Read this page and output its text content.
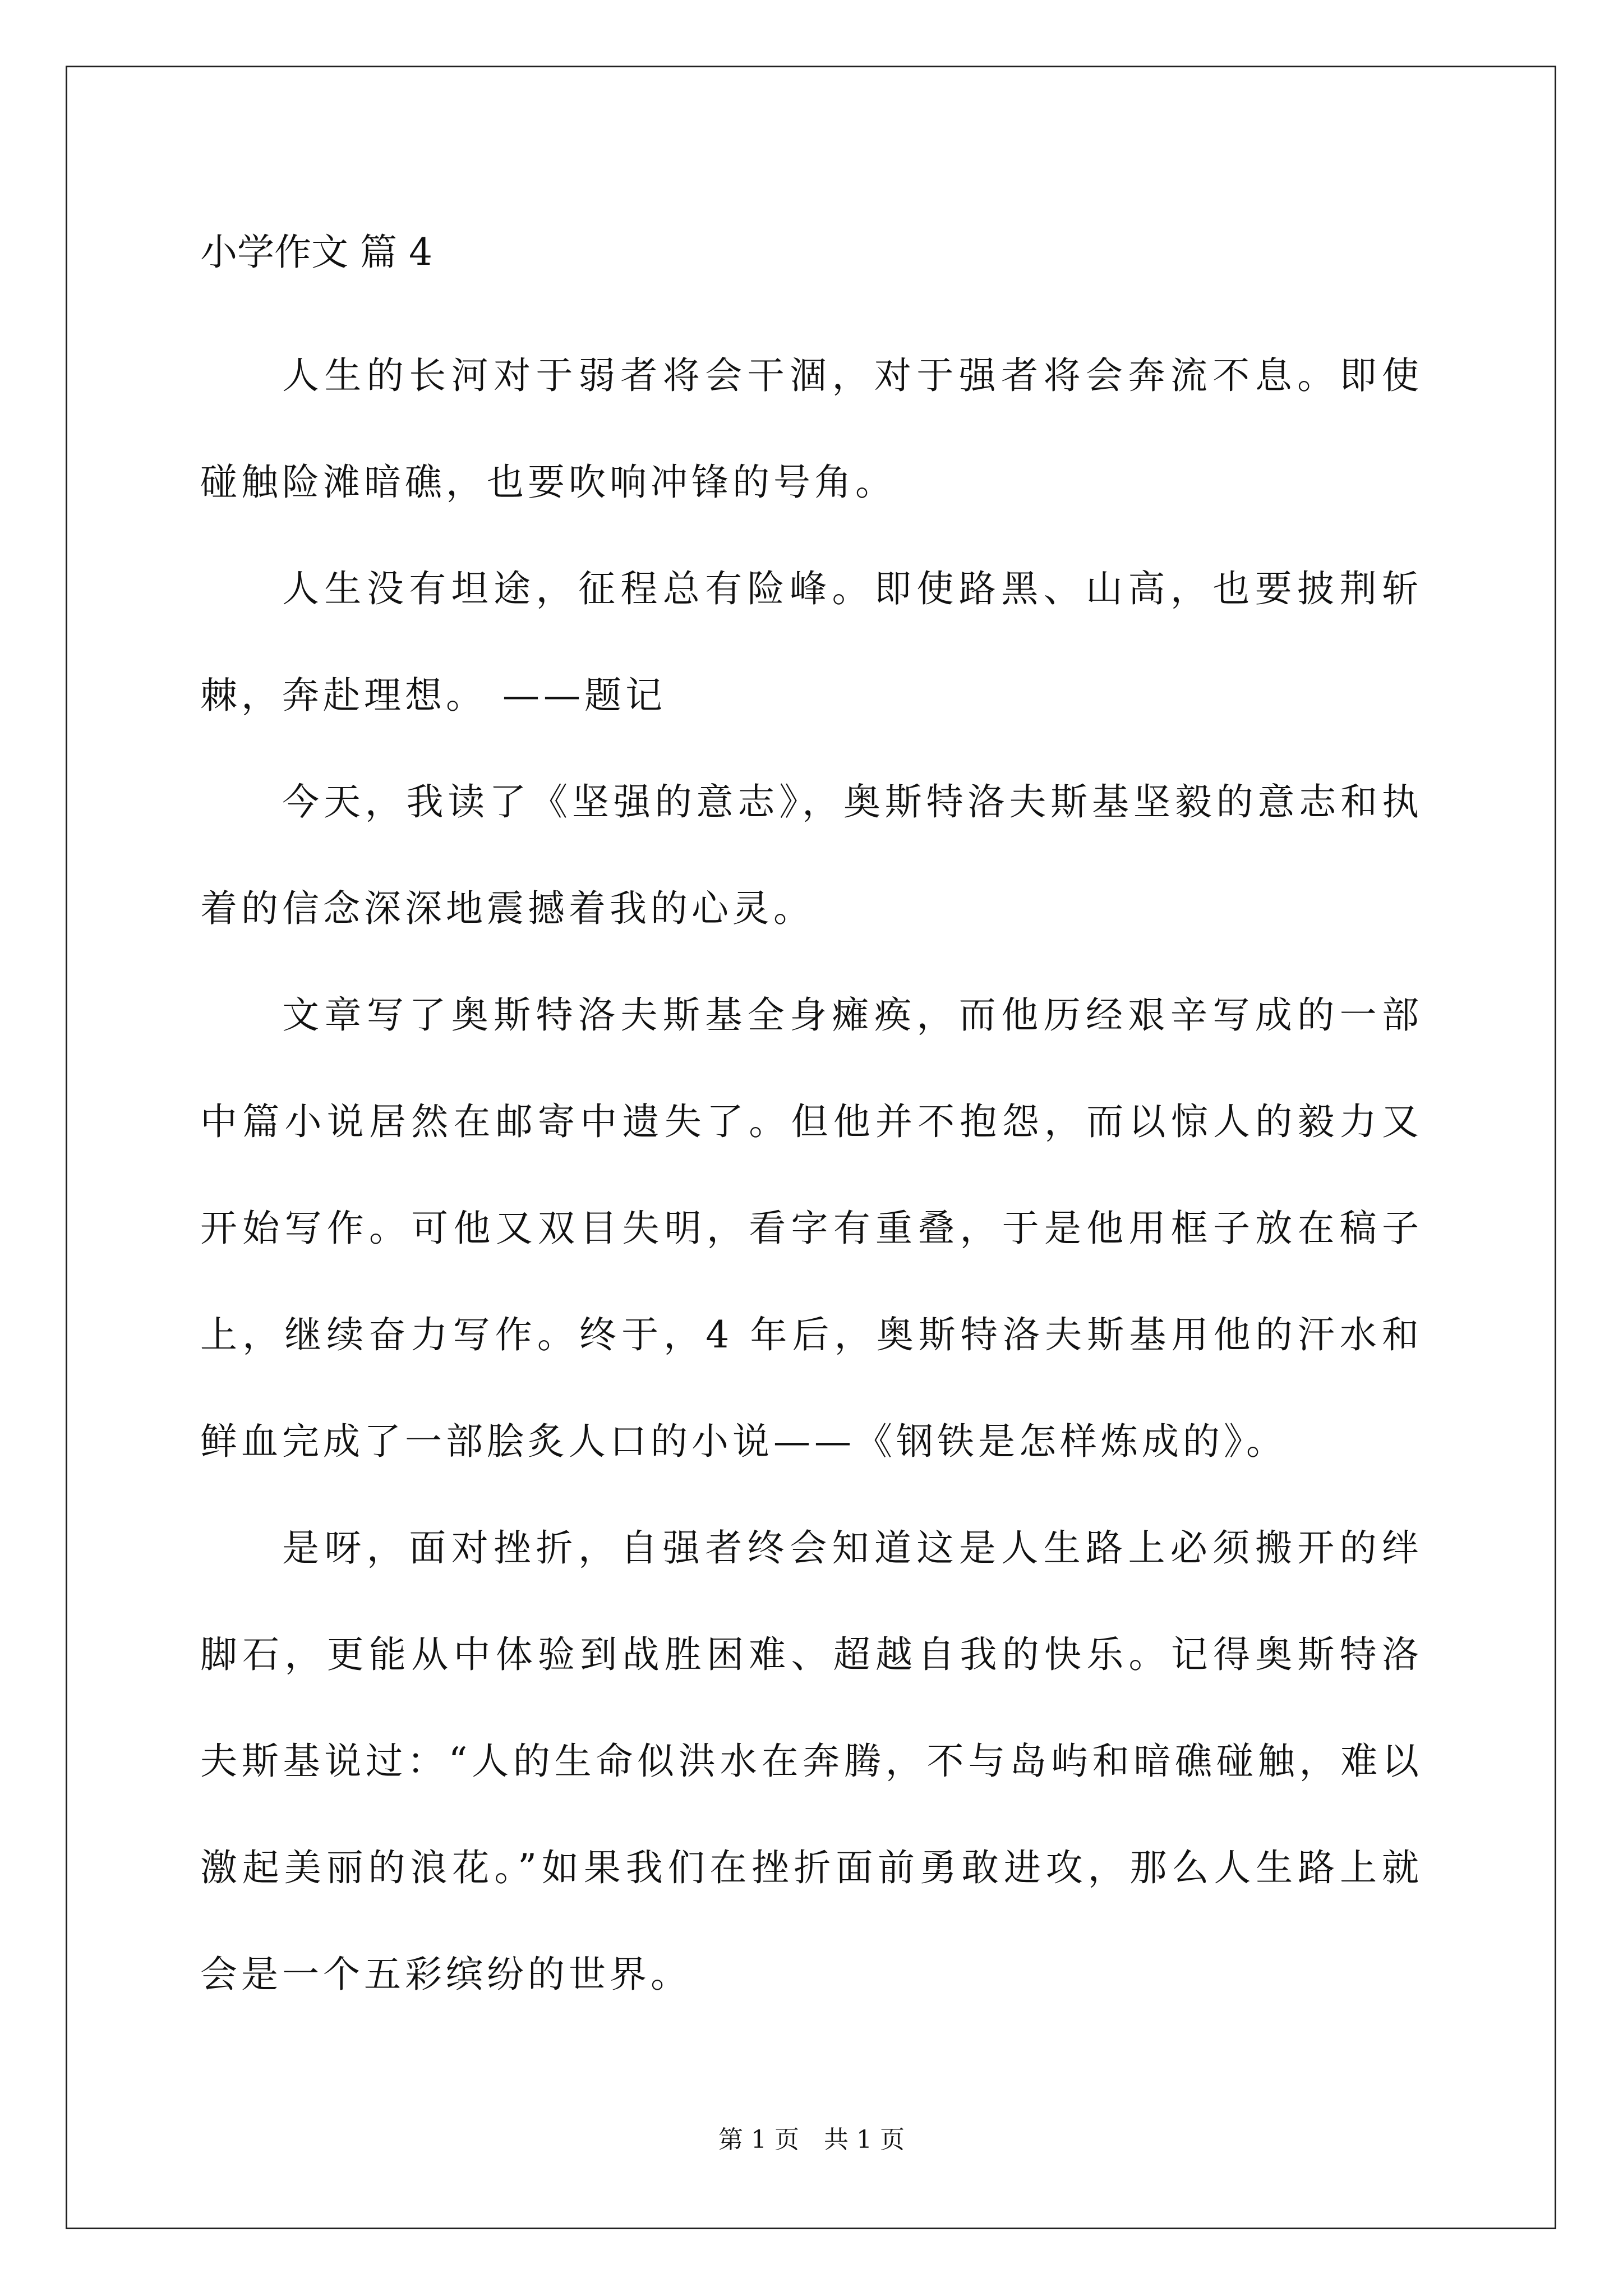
小学作文 篇 4

人生的长河对于弱者将会干涸，对于强者将会奔流不息。即使碰触险滩暗礁，也要吹响冲锋的号角。

人生没有坦途，征程总有险峰。即使路黑、山高，也要披荆斩棘，奔赴理想。 ——题记

今天，我读了《坚强的意志》，奥斯特洛夫斯基坚毅的意志和执着的信念深深地震撼着我的心灵。

文章写了奥斯特洛夫斯基全身瘫痪，而他历经艰辛写成的一部中篇小说居然在邮寄中遗失了。但他并不抱怨，而以惊人的毅力又开始写作。可他又双目失明，看字有重叠，于是他用框子放在稿子上，继续奋力写作。终于，4 年后，奥斯特洛夫斯基用他的汗水和鲜血完成了一部脍炙人口的小说——《钢铁是怎样炼成的》。

是呀，面对挫折，自强者终会知道这是人生路上必须搬开的绊脚石，更能从中体验到战胜困难、超越自我的快乐。记得奥斯特洛夫斯基说过：“人的生命似洪水在奔腾，不与岛屿和暗礁碰触，难以激起美丽的浪花。”如果我们在挫折面前勇敢进攻，那么人生路上就会是一个五彩缤纷的世界。

第 1 页　共 1 页
